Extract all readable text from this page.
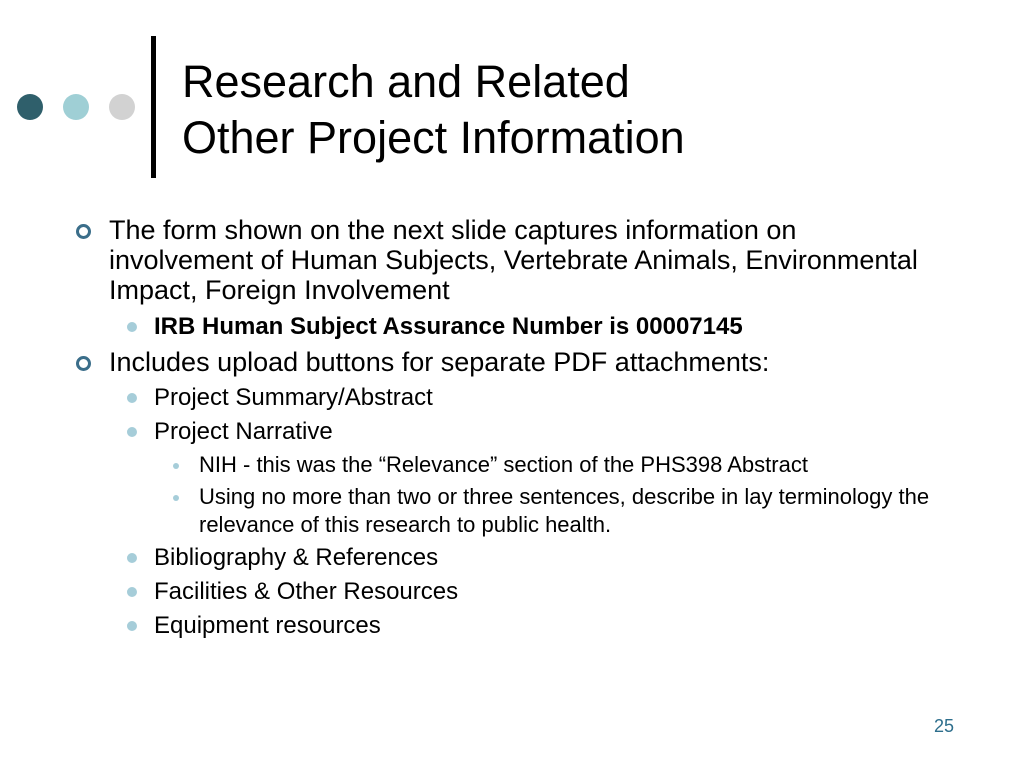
Research and Related
Other Project Information

The form shown on the next slide captures information on involvement of Human Subjects, Vertebrate Animals, Environmental Impact, Foreign Involvement

IRB Human Subject Assurance Number is 00007145

Includes upload buttons for separate PDF attachments:

Project Summary/Abstract

Project Narrative

NIH - this was the “Relevance” section of the PHS398 Abstract

Using no more than two or three sentences, describe in lay terminology the relevance of this research to public health.

Bibliography & References

Facilities & Other Resources

Equipment resources

25
